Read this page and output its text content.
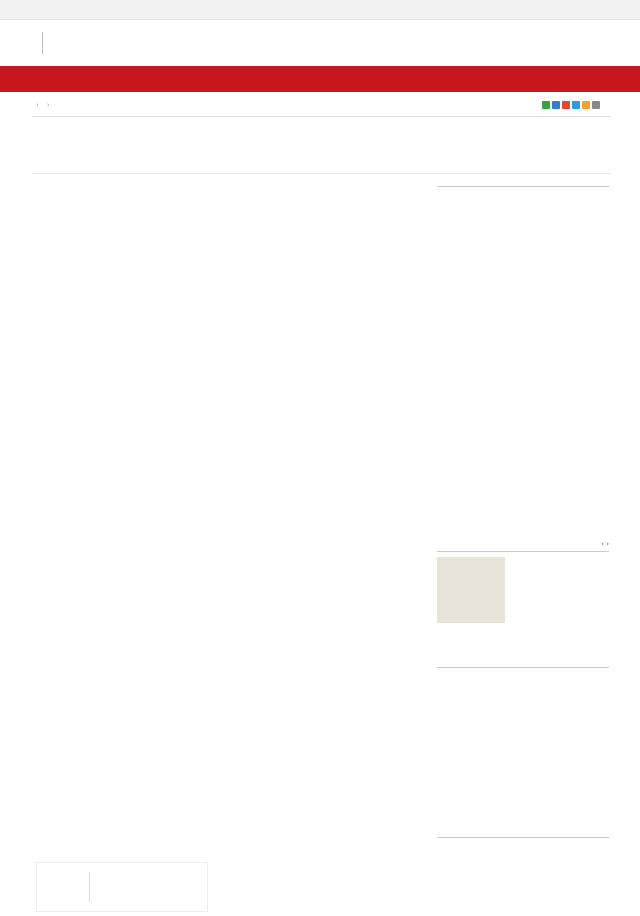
› ›
‹ ›
